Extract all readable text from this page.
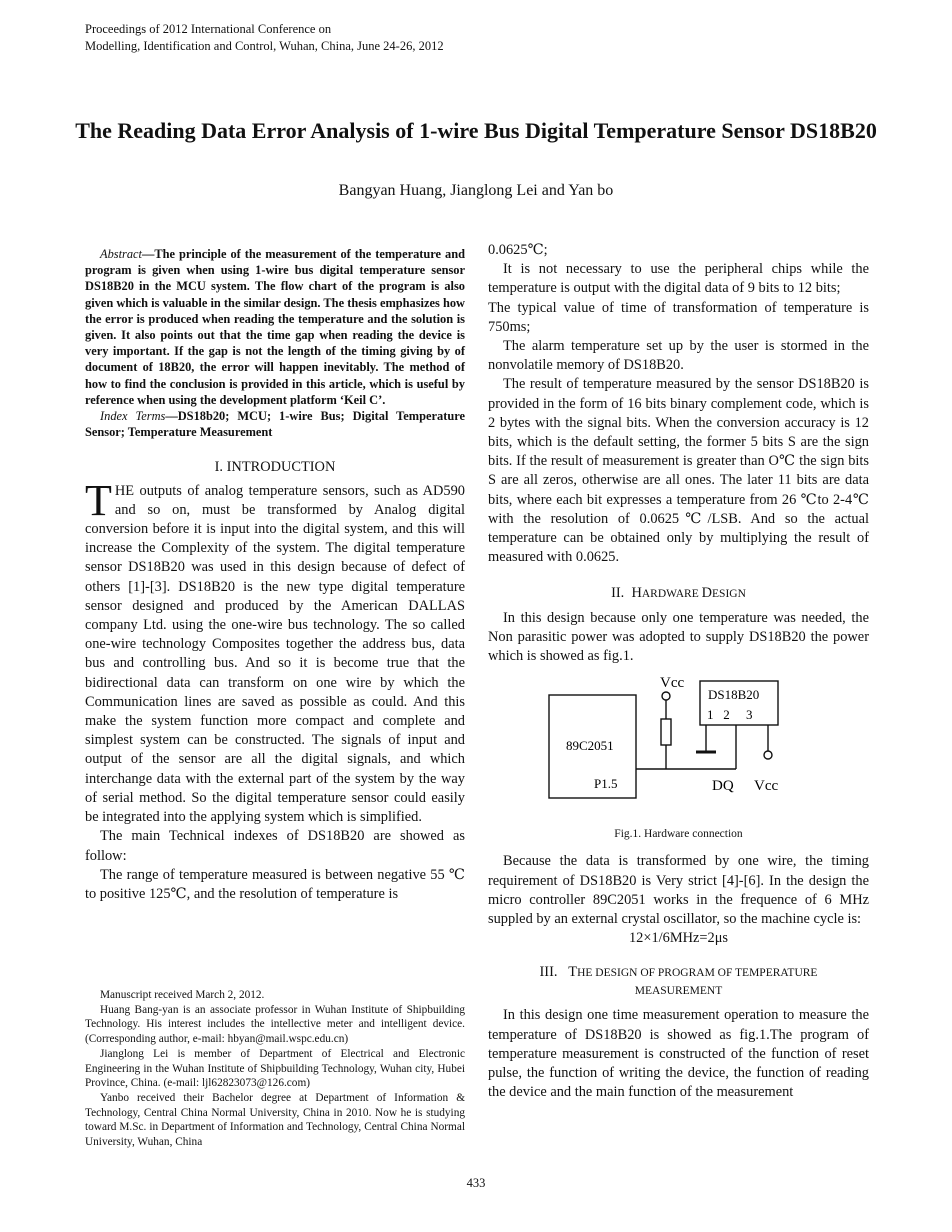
Proceedings of 2012 International Conference on
Modelling, Identification and Control, Wuhan, China, June 24-26, 2012
The Reading Data Error Analysis of 1-wire Bus Digital Temperature Sensor DS18B20
Bangyan Huang, Jianglong Lei and Yan bo

Abstract—The principle of the measurement of the temperature and program is given when using 1-wire bus digital temperature sensor DS18B20 in the MCU system. The flow chart of the program is also given which is valuable in the similar design. The thesis emphasizes how the error is produced when reading the temperature and the solution is given. It also points out that the time gap when reading the device is very important. If the gap is not the length of the timing giving by of document of 18B20, the error will happen inevitably. The method of how to find the conclusion is provided in this article, which is useful by reference when using the development platform ‘Keil C’.

Index Terms—DS18b20; MCU; 1-wire Bus; Digital Temperature Sensor; Temperature Measurement

I. INTRODUCTION

THE outputs of analog temperature sensors, such as AD590 and so on, must be transformed by Analog digital conversion before it is input into the digital system, and this will increase the Complexity of the system. The digital temperature sensor DS18B20 was used in this design because of defect of others [1]-[3]. DS18B20 is the new type digital temperature sensor designed and produced by the American DALLAS company Ltd. using the one-wire bus technology. The so called one-wire technology Composites together the address bus, data bus and controlling bus. And so it is become true that the bidirectional data can transform on one wire by which the Communication lines are saved as possible as could. And this make the system function more compact and complete and simplest system can be constructed. The signals of input and output of the sensor are all the digital signals, and which interchange data with the external part of the system by the way of serial method. So the digital temperature sensor could easily be integrated into the applying system which is simplified.

The main Technical indexes of DS18B20 are showed as follow:

The range of temperature measured is between negative 55 ℃ to positive 125℃, and the resolution of temperature is

Manuscript received March 2, 2012.

Huang Bang-yan is an associate professor in Wuhan Institute of Shipbuilding Technology. His interest includes the intellective meter and intelligent device. (Corresponding author, e-mail: hbyan@mail.wspc.edu.cn)

Jianglong Lei is member of Department of Electrical and Electronic Engineering in the Wuhan Institute of Shipbuilding Technology, Wuhan city, Hubei Province, China. (e-mail: ljl62823073@126.com)

Yanbo received their Bachelor degree at Department of Information & Technology, Central China Normal University, China in 2010. Now he is studying toward M.Sc. in Department of Information and Technology, Central China Normal University, Wuhan, China

0.0625℃;

It is not necessary to use the peripheral chips while the temperature is output with the digital data of 9 bits to 12 bits;

The typical value of time of transformation of temperature is 750ms;

The alarm temperature set up by the user is stormed in the nonvolatile memory of DS18B20.

The result of temperature measured by the sensor DS18B20 is provided in the form of 16 bits binary complement code, which is 2 bytes with the signal bits. When the conversion accuracy is 12 bits, which is the default setting, the former 5 bits S are the sign bits. If the result of measurement is greater than O℃ the sign bits S are all zeros, otherwise are all ones. The later 11 bits are data bits, where each bit expresses a temperature from 26 ℃to 2-4℃ with the resolution of 0.0625℃/LSB. And so the actual temperature can be obtained only by multiplying the result of measured with 0.0625.

II. HARDWARE DESIGN

In this design because only one temperature was needed, the Non parasitic power was adopted to supply DS18B20 the power which is showed as fig.1.

89C2051
P1.5
Vcc
DS18B20
1   2     3
DQ Vcc

Fig.1. Hardware connection

Because the data is transformed by one wire, the timing requirement of DS18B20 is Very strict [4]-[6]. In the design the micro controller 89C2051 works in the frequence of 6 MHz suppled by an external crystal oscillator, so the machine cycle is:

12×1/6MHz=2μs

III. THE DESIGN OF PROGRAM OF TEMPERATURE

MEASUREMENT

In this design one time measurement operation to measure the temperature of DS18B20 is showed as fig.1.The program of temperature measurement is constructed of the function of reset pulse, the function of writing the device, the function of reading the device and the main function of the measurement

433
